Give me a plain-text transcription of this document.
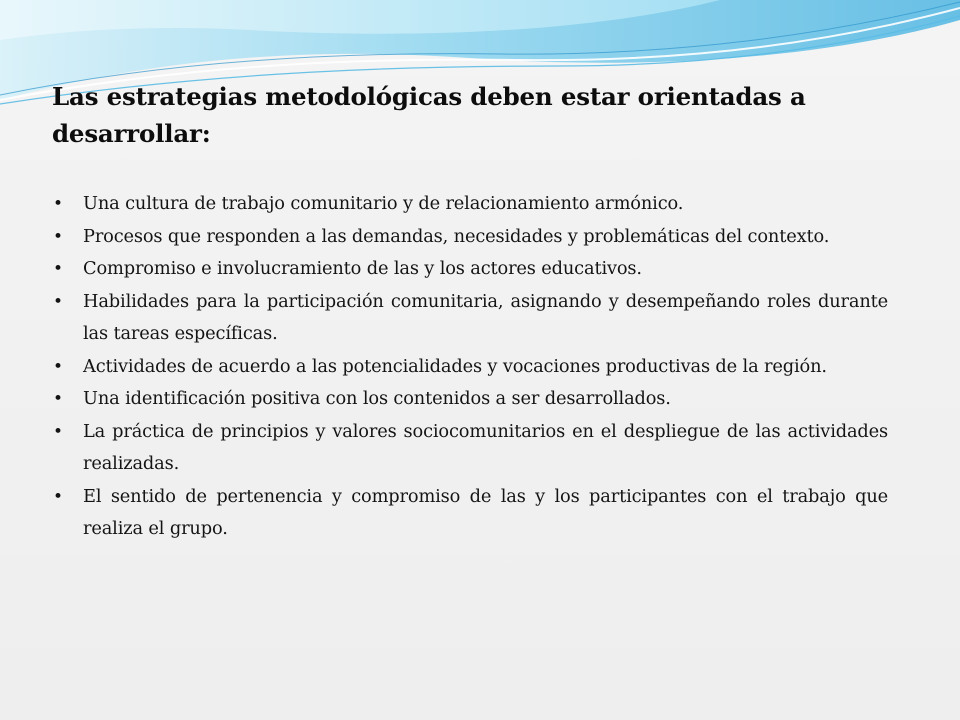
Las estrategias metodológicas deben estar orientadas a desarrollar:
• Una cultura de trabajo comunitario y de relacionamiento armónico.
• Procesos que responden a las demandas, necesidades y problemáticas del contexto.
• Compromiso e involucramiento de las y los actores educativos.
• Habilidades para la participación comunitaria, asignando y desempeñando roles durante las tareas específicas.
• Actividades de acuerdo a las potencialidades y vocaciones productivas de la región.
• Una identificación positiva con los contenidos a ser desarrollados.
• La práctica de principios y valores sociocomunitarios en el despliegue de las actividades realizadas.
• El sentido de pertenencia y compromiso de las y los participantes con el trabajo que realiza el grupo.
